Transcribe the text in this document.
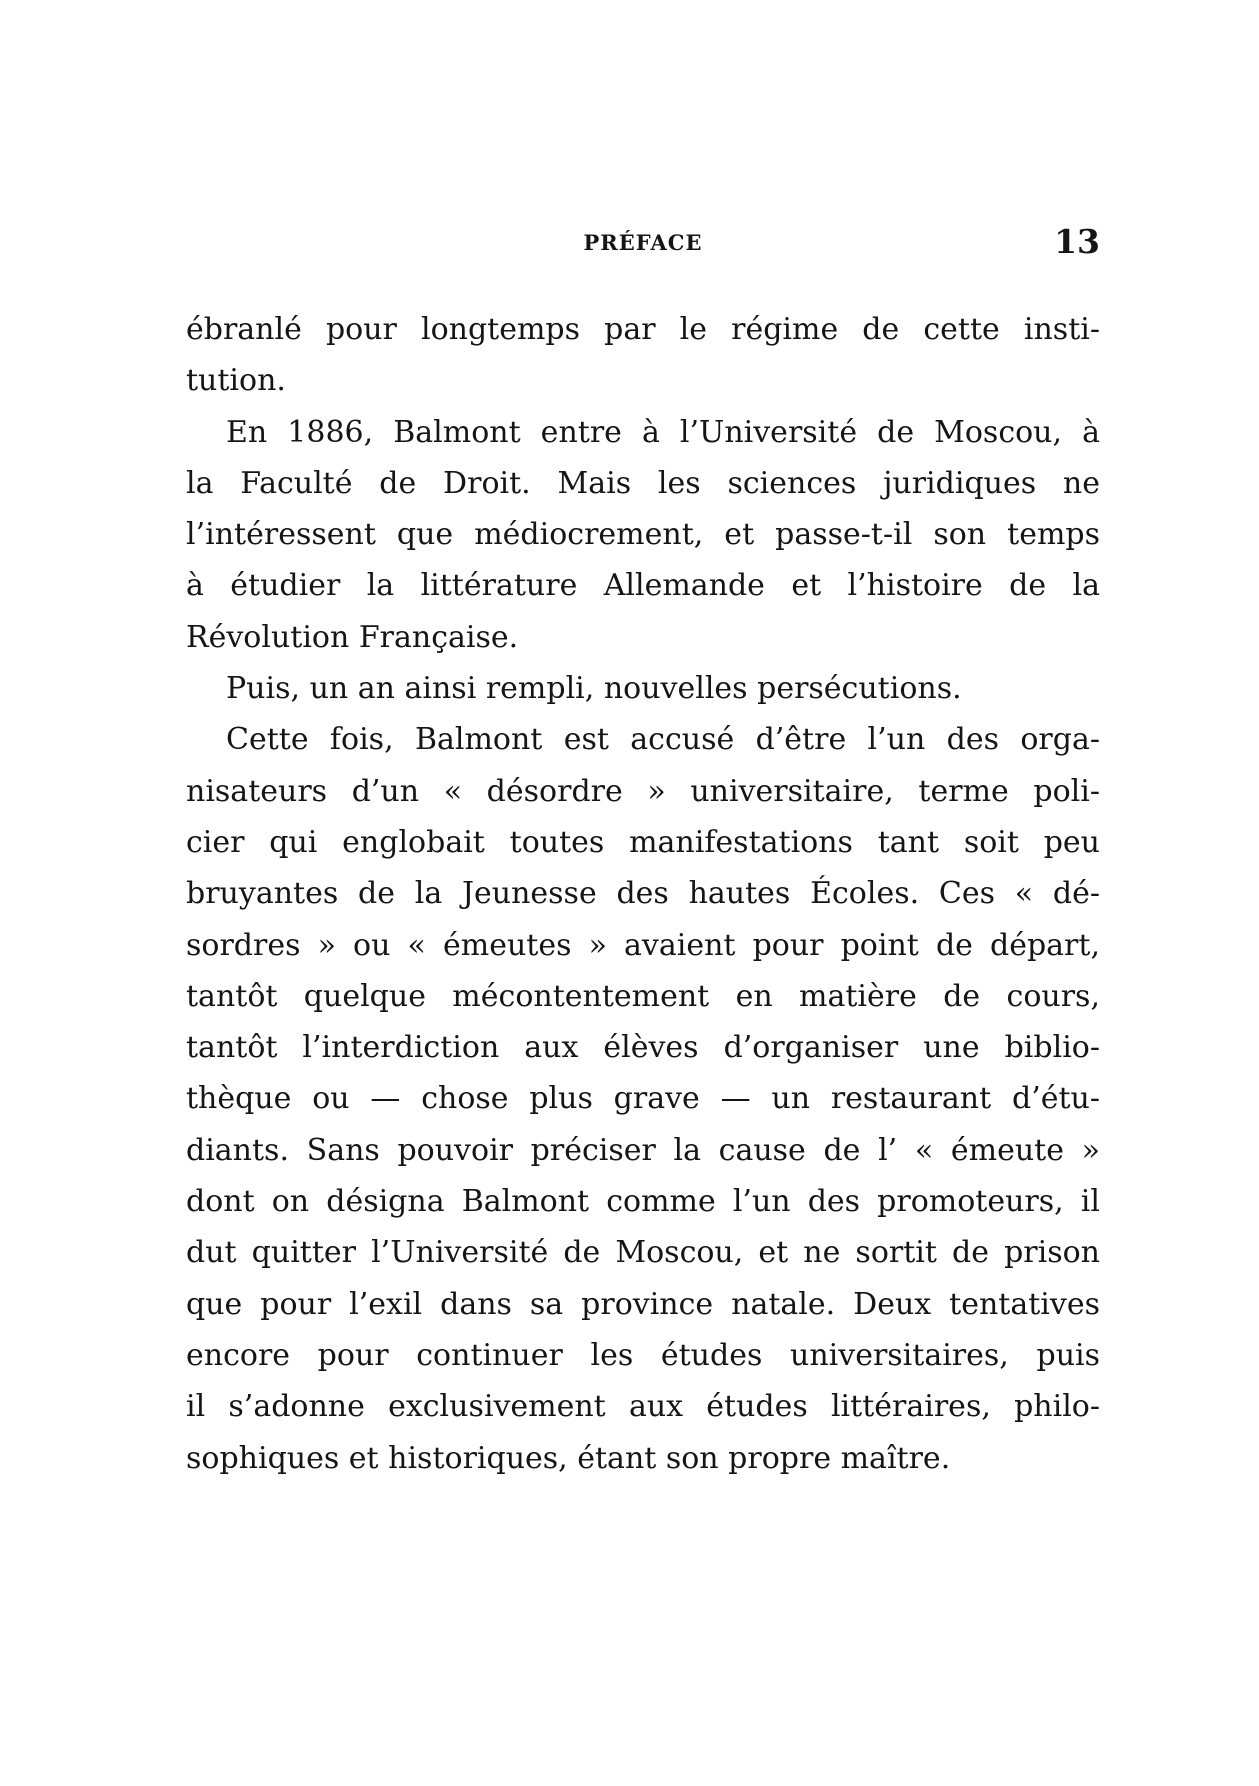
PRÉFACE	13
ébranlé pour longtemps par le régime de cette insti-
tution.
En 1886, Balmont entre à l’Université de Moscou, à
la Faculté de Droit. Mais les sciences juridiques ne
l’intéressent que médiocrement, et passe-t-il son temps
à étudier la littérature Allemande et l’histoire de la
Révolution Française.
Puis, un an ainsi rempli, nouvelles persécutions.
Cette fois, Balmont est accusé d’être l’un des orga-
nisateurs d’un « désordre » universitaire, terme poli-
cier qui englobait toutes manifestations tant soit peu
bruyantes de la Jeunesse des hautes Écoles. Ces « dé-
sordres » ou « émeutes » avaient pour point de départ,
tantôt quelque mécontentement en matière de cours,
tantôt l’interdiction aux élèves d’organiser une biblio-
thèque ou — chose plus grave — un restaurant d’étu-
diants. Sans pouvoir préciser la cause de l’ « émeute »
dont on désigna Balmont comme l’un des promoteurs, il
dut quitter l’Université de Moscou, et ne sortit de prison
que pour l’exil dans sa province natale. Deux tentatives
encore pour continuer les études universitaires, puis
il s’adonne exclusivement aux études littéraires, philo-
sophiques et historiques, étant son propre maître.
